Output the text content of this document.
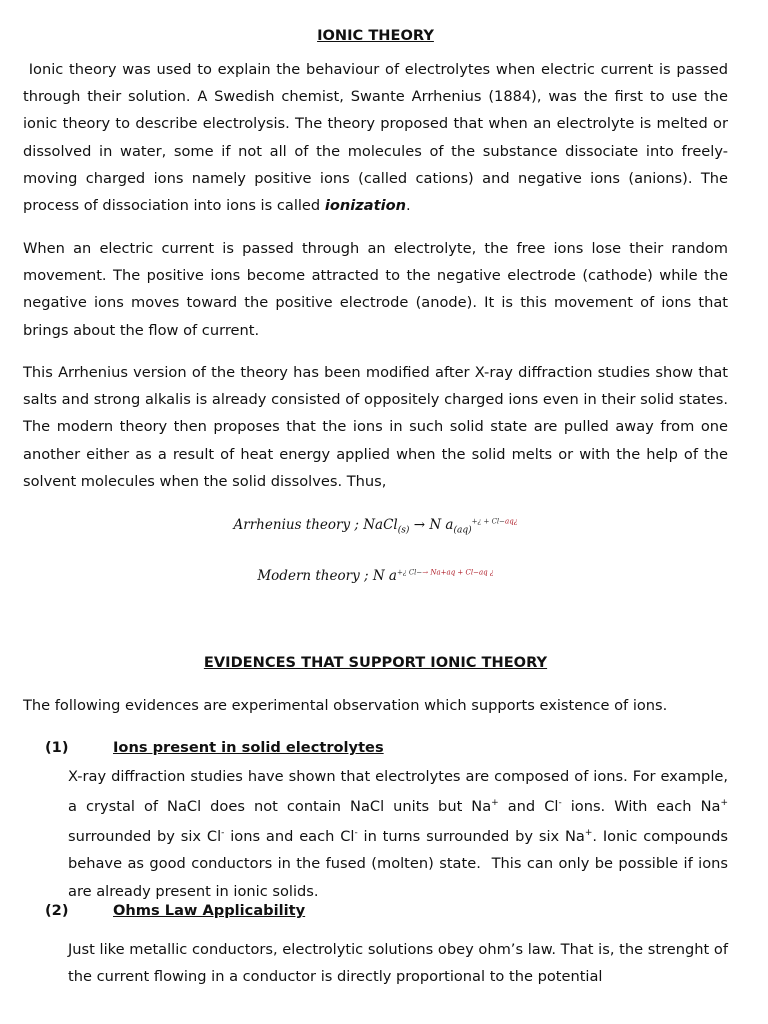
IONIC THEORY

Ionic theory was used to explain the behaviour of electrolytes when electric current is passed through their solution. A Swedish chemist, Swante Arrhenius (1884), was the first to use the ionic theory to describe electrolysis. The theory proposed that when an electrolyte is melted or dissolved in water, some if not all of the molecules of the substance dissociate into freely-moving charged ions namely positive ions (called cations) and negative ions (anions). The process of dissociation into ions is called ionization.

When an electric current is passed through an electrolyte, the free ions lose their random movement. The positive ions become attracted to the negative electrode (cathode) while the negative ions moves toward the positive electrode (anode). It is this movement of ions that brings about the flow of current.

This Arrhenius version of the theory has been modified after X-ray diffraction studies show that salts and strong alkalis is already consisted of oppositely charged ions even in their solid states. The modern theory then proposes that the ions in such solid state are pulled away from one another either as a result of heat energy applied when the solid melts or with the help of the solvent molecules when the solid dissolves. Thus,

Arrhenius theory ; NaCl$_{(s)}$ → N $a_{(aq)}^{+¿ + Cl-aq¿}$
Modern theory ; N $a^{+¿ Cl-\to Na+aq + Cl-aq ¿}$
EVIDENCES THAT SUPPORT IONIC THEORY

The following evidences are experimental observation which supports existence of ions.

(1)	Ions present in solid electrolytes

X-ray diffraction studies have shown that electrolytes are composed of ions. For example, a crystal of NaCl does not contain NaCl units but Na+ and Cl- ions. With each Na+ surrounded by six Cl- ions and each Cl- in turns surrounded by six Na+. Ionic compounds behave as good conductors in the fused (molten) state.  This can only be possible if ions are already present in ionic solids.

(2)	Ohms Law Applicability

Just like metallic conductors, electrolytic solutions obey ohm’s law. That is, the strenght of the current flowing in a conductor is directly proportional to the potential
